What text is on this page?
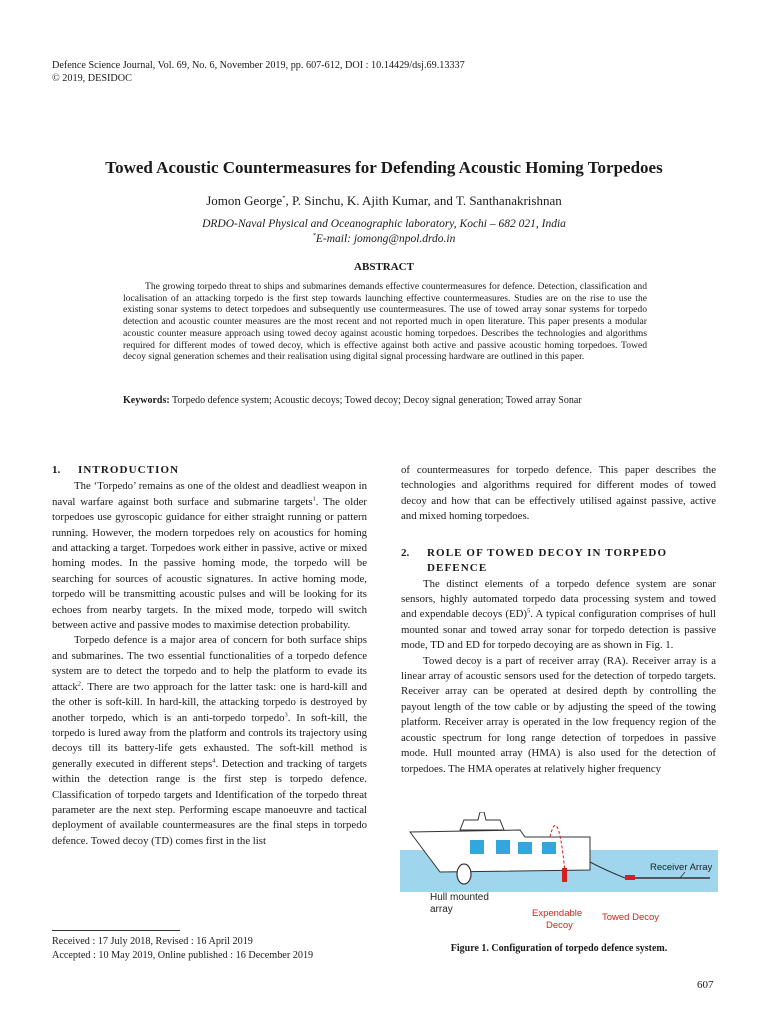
Defence Science Journal, Vol. 69, No. 6, November 2019, pp. 607-612, DOI : 10.14429/dsj.69.13337
© 2019, DESIDOC
Towed Acoustic Countermeasures for Defending Acoustic Homing Torpedoes
Jomon George*, P. Sinchu, K. Ajith Kumar, and T. Santhanakrishnan
DRDO-Naval Physical and Oceanographic laboratory, Kochi – 682 021, India
*E-mail: jomong@npol.drdo.in
ABSTRACT

The growing torpedo threat to ships and submarines demands effective countermeasures for defence. Detection, classification and localisation of an attacking torpedo is the first step towards launching effective countermeasures. Studies are on the rise to use the existing sonar systems to detect torpedoes and subsequently use countermeasures. The use of towed array sonar systems for torpedo detection and acoustic counter measures are the most recent and not reported much in open literature. This paper presents a modular acoustic counter measure approach using towed decoy against acoustic homing torpedoes. Describes the technologies and algorithms required for different modes of towed decoy, which is effective against both active and passive acoustic homing torpedoes. Towed decoy signal generation schemes and their realisation using digital signal processing hardware are outlined in this paper.

Keywords: Torpedo defence system; Acoustic decoys; Towed decoy; Decoy signal generation; Towed array Sonar

1. INTRODUCTION

The ‘Torpedo’ remains as one of the oldest and deadliest weapon in naval warfare against both surface and submarine targets$^1$. The older torpedoes use gyroscopic guidance for either straight running or pattern running. However, the modern torpedoes rely on acoustics for homing and attacking a target. Torpedoes work either in passive, active or mixed homing modes. In the passive homing mode, the torpedo will be searching for sources of acoustic signatures. In active homing mode, torpedo will be transmitting acoustic pulses and will be looking for its echoes from nearby targets. In the mixed mode, torpedo will switch between active and passive modes to maximise detection probability.

Torpedo defence is a major area of concern for both surface ships and submarines. The two essential functionalities of a torpedo defence system are to detect the torpedo and to help the platform to evade its attack$^2$. There are two approach for the latter task: one is hard-kill and the other is soft-kill. In hard-kill, the attacking torpedo is destroyed by another torpedo, which is an anti-torpedo torpedo$^3$. In soft-kill, the torpedo is lured away from the platform and controls its trajectory using decoys till its battery-life gets exhausted. The soft-kill method is generally executed in different steps$^4$. Detection and tracking of targets within the detection range is the first step is torpedo defence. Classification of torpedo targets and Identification of the torpedo threat parameter are the next step. Performing escape manoeuvre and tactical deployment of available countermeasures are the final steps in torpedo defence. Towed decoy (TD) comes first in the list

of countermeasures for torpedo defence. This paper describes the technologies and algorithms required for different modes of towed decoy and how that can be effectively utilised against passive, active and mixed homing torpedoes.

2. ROLE OF TOWED DECOY IN TORPEDO DEFENCE

The distinct elements of a torpedo defence system are sonar sensors, highly automated torpedo data processing system and towed and expendable decoys (ED)$^5$. A typical configuration comprises of hull mounted sonar and towed array sonar for torpedo detection is passive mode, TD and ED for torpedo decoying are as shown in Fig. 1.

Towed decoy is a part of receiver array (RA). Receiver array is a linear array of acoustic sensors used for the detection of torpedo targets. Receiver array can be operated at desired depth by controlling the payout length of the tow cable or by adjusting the speed of the towing platform. Receiver array is operated in the low frequency region of the acoustic spectrum for long range detection of torpedoes in passive mode. Hull mounted array (HMA) is also used for the detection of torpedoes. The HMA operates at relatively higher frequency

Receiver Array
Hull mounted
array	Expendable
Decoy
Towed Decoy
Figure 1. Configuration of torpedo defence system.
Received : 17 July 2018, Revised : 16 April 2019
Accepted : 10 May 2019, Online published : 16 December 2019
607
